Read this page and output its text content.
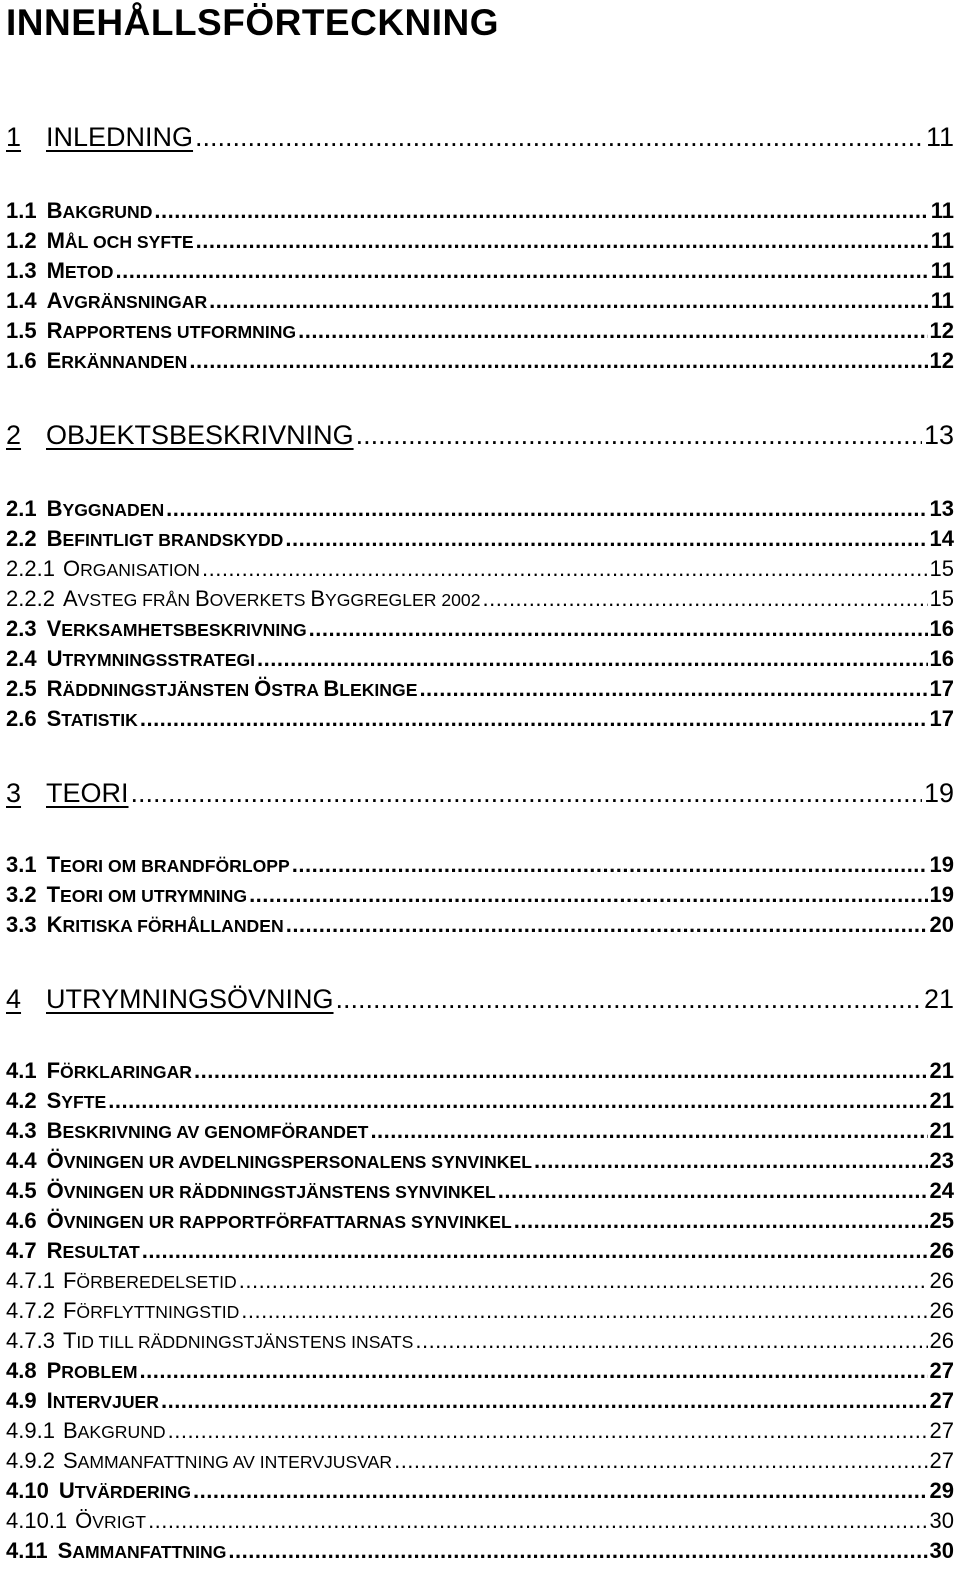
INNEHÅLLSFÖRTECKNING
1 INLEDNING .....	11
1.1 BAKGRUND .....	11
1.2 MÅL OCH SYFTE .....	11
1.3 METOD .....	11
1.4 AVGRÄNSNINGAR .....	11
1.5 RAPPORTENS UTFORMNING .....	12
1.6 ERKÄNNANDEN .....	12
2 OBJEKTSBESKRIVNING .....	13
2.1 BYGGNADEN .....	13
2.2 BEFINTLIGT BRANDSKYDD .....	14
2.2.1 ORGANISATION .....	15
2.2.2 AVSTEG FRÅN BOVERKETS BYGGREGLER 2002 .....	15
2.3 VERKSAMHETSBESKRIVNING .....	16
2.4 UTRYMNINGSSTRATEGI .....	16
2.5 RÄDDNINGSTJÄNSTEN ÖSTRA BLEKINGE .....	17
2.6 STATISTIK .....	17
3 TEORI .....	19
3.1 TEORI OM BRANDFÖRLOPP .....	19
3.2 TEORI OM UTRYMNING .....	19
3.3 KRITISKA FÖRHÅLLANDEN .....	20
4 UTRYMNINGSÖVNING .....	21
4.1 FÖRKLARINGAR .....	21
4.2 SYFTE .....	21
4.3 BESKRIVNING AV GENOMFÖRANDET .....	21
4.4 ÖVNINGEN UR AVDELNINGSPERSONALENS SYNVINKEL .....	23
4.5 ÖVNINGEN UR RÄDDNINGSTJÄNSTENS SYNVINKEL .....	24
4.6 ÖVNINGEN UR RAPPORTFÖRFATTARNAS SYNVINKEL .....	25
4.7 RESULTAT .....	26
4.7.1 FÖRBEREDELSETID .....	26
4.7.2 FÖRFLYTTNINGSTID .....	26
4.7.3 TID TILL RÄDDNINGSTJÄNSTENS INSATS .....	26
4.8 PROBLEM .....	27
4.9 INTERVJUER .....	27
4.9.1 BAKGRUND .....	27
4.9.2 SAMMANFATTNING AV INTERVJUSVAR .....	27
4.10 UTVÄRDERING .....	29
4.10.1 ÖVRIGT .....	30
4.11 SAMMANFATTNING .....	30
